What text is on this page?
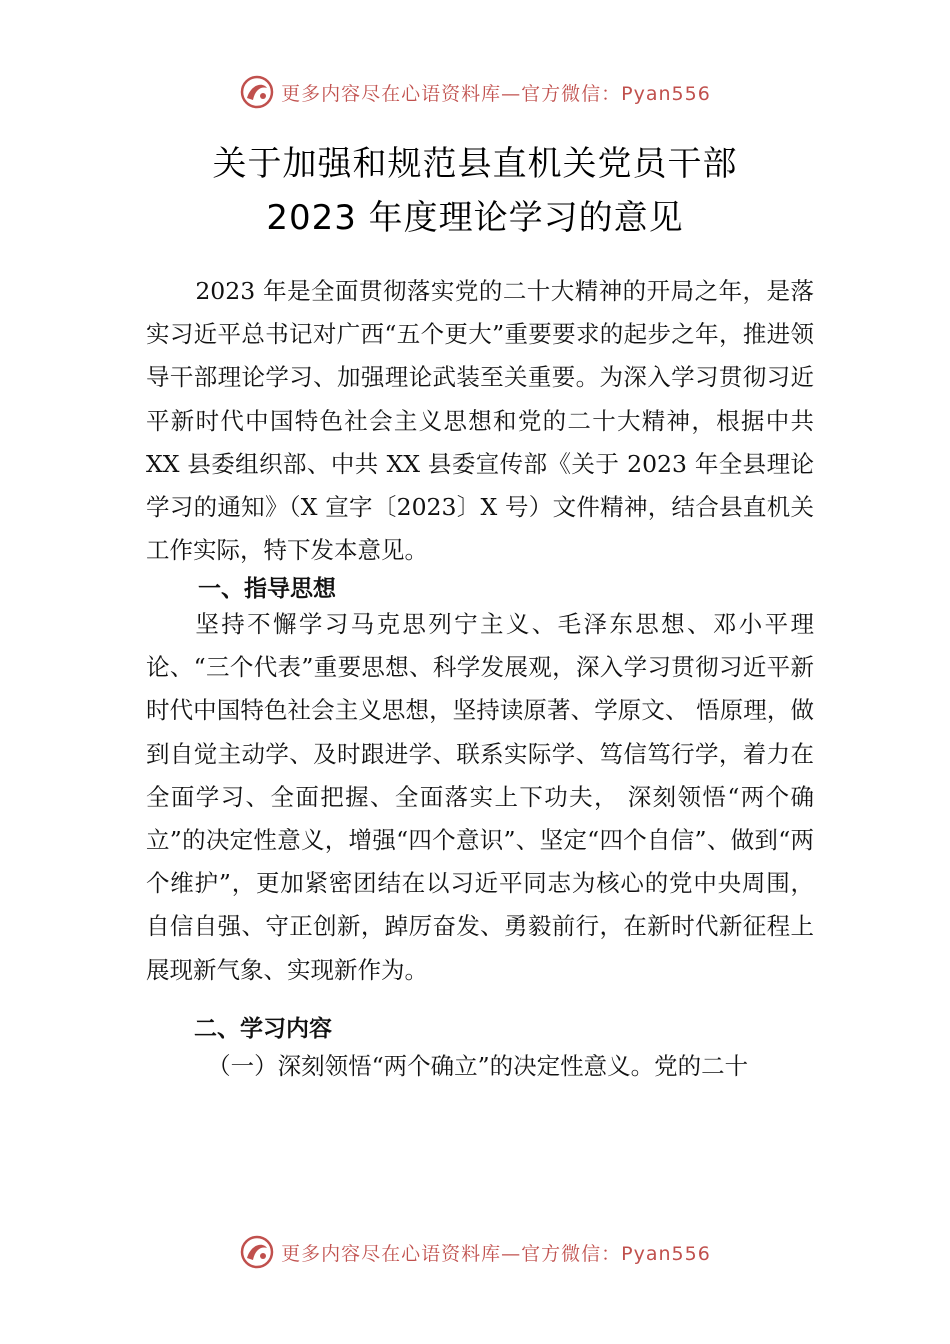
更多内容尽在心语资料库—官方微信：Pyan556
关于加强和规范县直机关党员干部
2023 年度理论学习的意见

2023 年是全面贯彻落实党的二十大精神的开局之年，是落实习近平总书记对广西“五个更大”重要要求的起步之年，推进领导干部理论学习、加强理论武装至关重要。为深入学习贯彻习近平新时代中国特色社会主义思想和党的二十大精神，根据中共 XX 县委组织部、中共 XX 县委宣传部《关于 2023 年全县理论学习的通知》（X 宣字〔2023〕X 号）文件精神，结合县直机关工作实际，特下发本意见。

一、指导思想

坚持不懈学习马克思列宁主义、毛泽东思想、邓小平理论、“三个代表”重要思想、科学发展观，深入学习贯彻习近平新时代中国特色社会主义思想，坚持读原著、学原文、 悟原理，做到自觉主动学、及时跟进学、联系实际学、笃信笃行学，着力在全面学习、全面把握、全面落实上下功夫， 深刻领悟“两个确立”的决定性意义，增强“四个意识”、坚定“四个自信”、做到“两个维护”，更加紧密团结在以习近平同志为核心的党中央周围，自信自强、守正创新，踔厉奋发、勇毅前行，在新时代新征程上展现新气象、实现新作为。

二、学习内容

（一）深刻领悟“两个确立”的决定性意义。党的二十

更多内容尽在心语资料库—官方微信：Pyan556
